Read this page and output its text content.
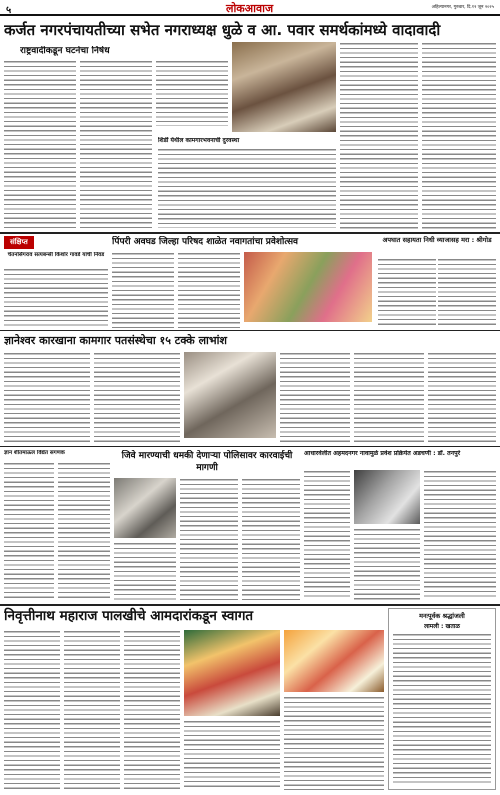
५	लोकआवाज	अहिल्यानगर, गुरुवार, दि.१२ जून २०२५
कर्जत नगरपंचायतीच्या सभेत नगराध्यक्ष धुळे व आ. पवार समर्थकांमध्ये वादावादी
राष्ट्रवादीकडून घटनेचा निषेध
शिर्डी येथील कामगारभवनाची दुरवस्था
संक्षिप्त
चेतनसिंगराव सत्यबन्सी किशोर गावडे यांची निवड
पिंपरी अवघड जिल्हा परिषद शाळेत नवागतांचा प्रवेशोत्सव	अपघात सहायता निधी व्याजासह मरा : श्रीगोड
ज्ञानेश्वर कारखाना कामगार पतसंस्थेचा १५ टक्के लाभांश
ज्ञान शीतमाऊल विद्येत संगणक	जिवे मारण्याची धमकी देणाऱ्या पोलिसावर कारवाईची मागणी
आधारवेलीत अहमदनगर नावामुळे प्रवेश प्रक्रियेत अडचणी : डॉ. तनपुरे
निवृत्तीनाथ महाराज पालखीचे आमदारांकडून स्वागत	मनःपूर्वक श्रद्धांजली
लामली : खताळ
